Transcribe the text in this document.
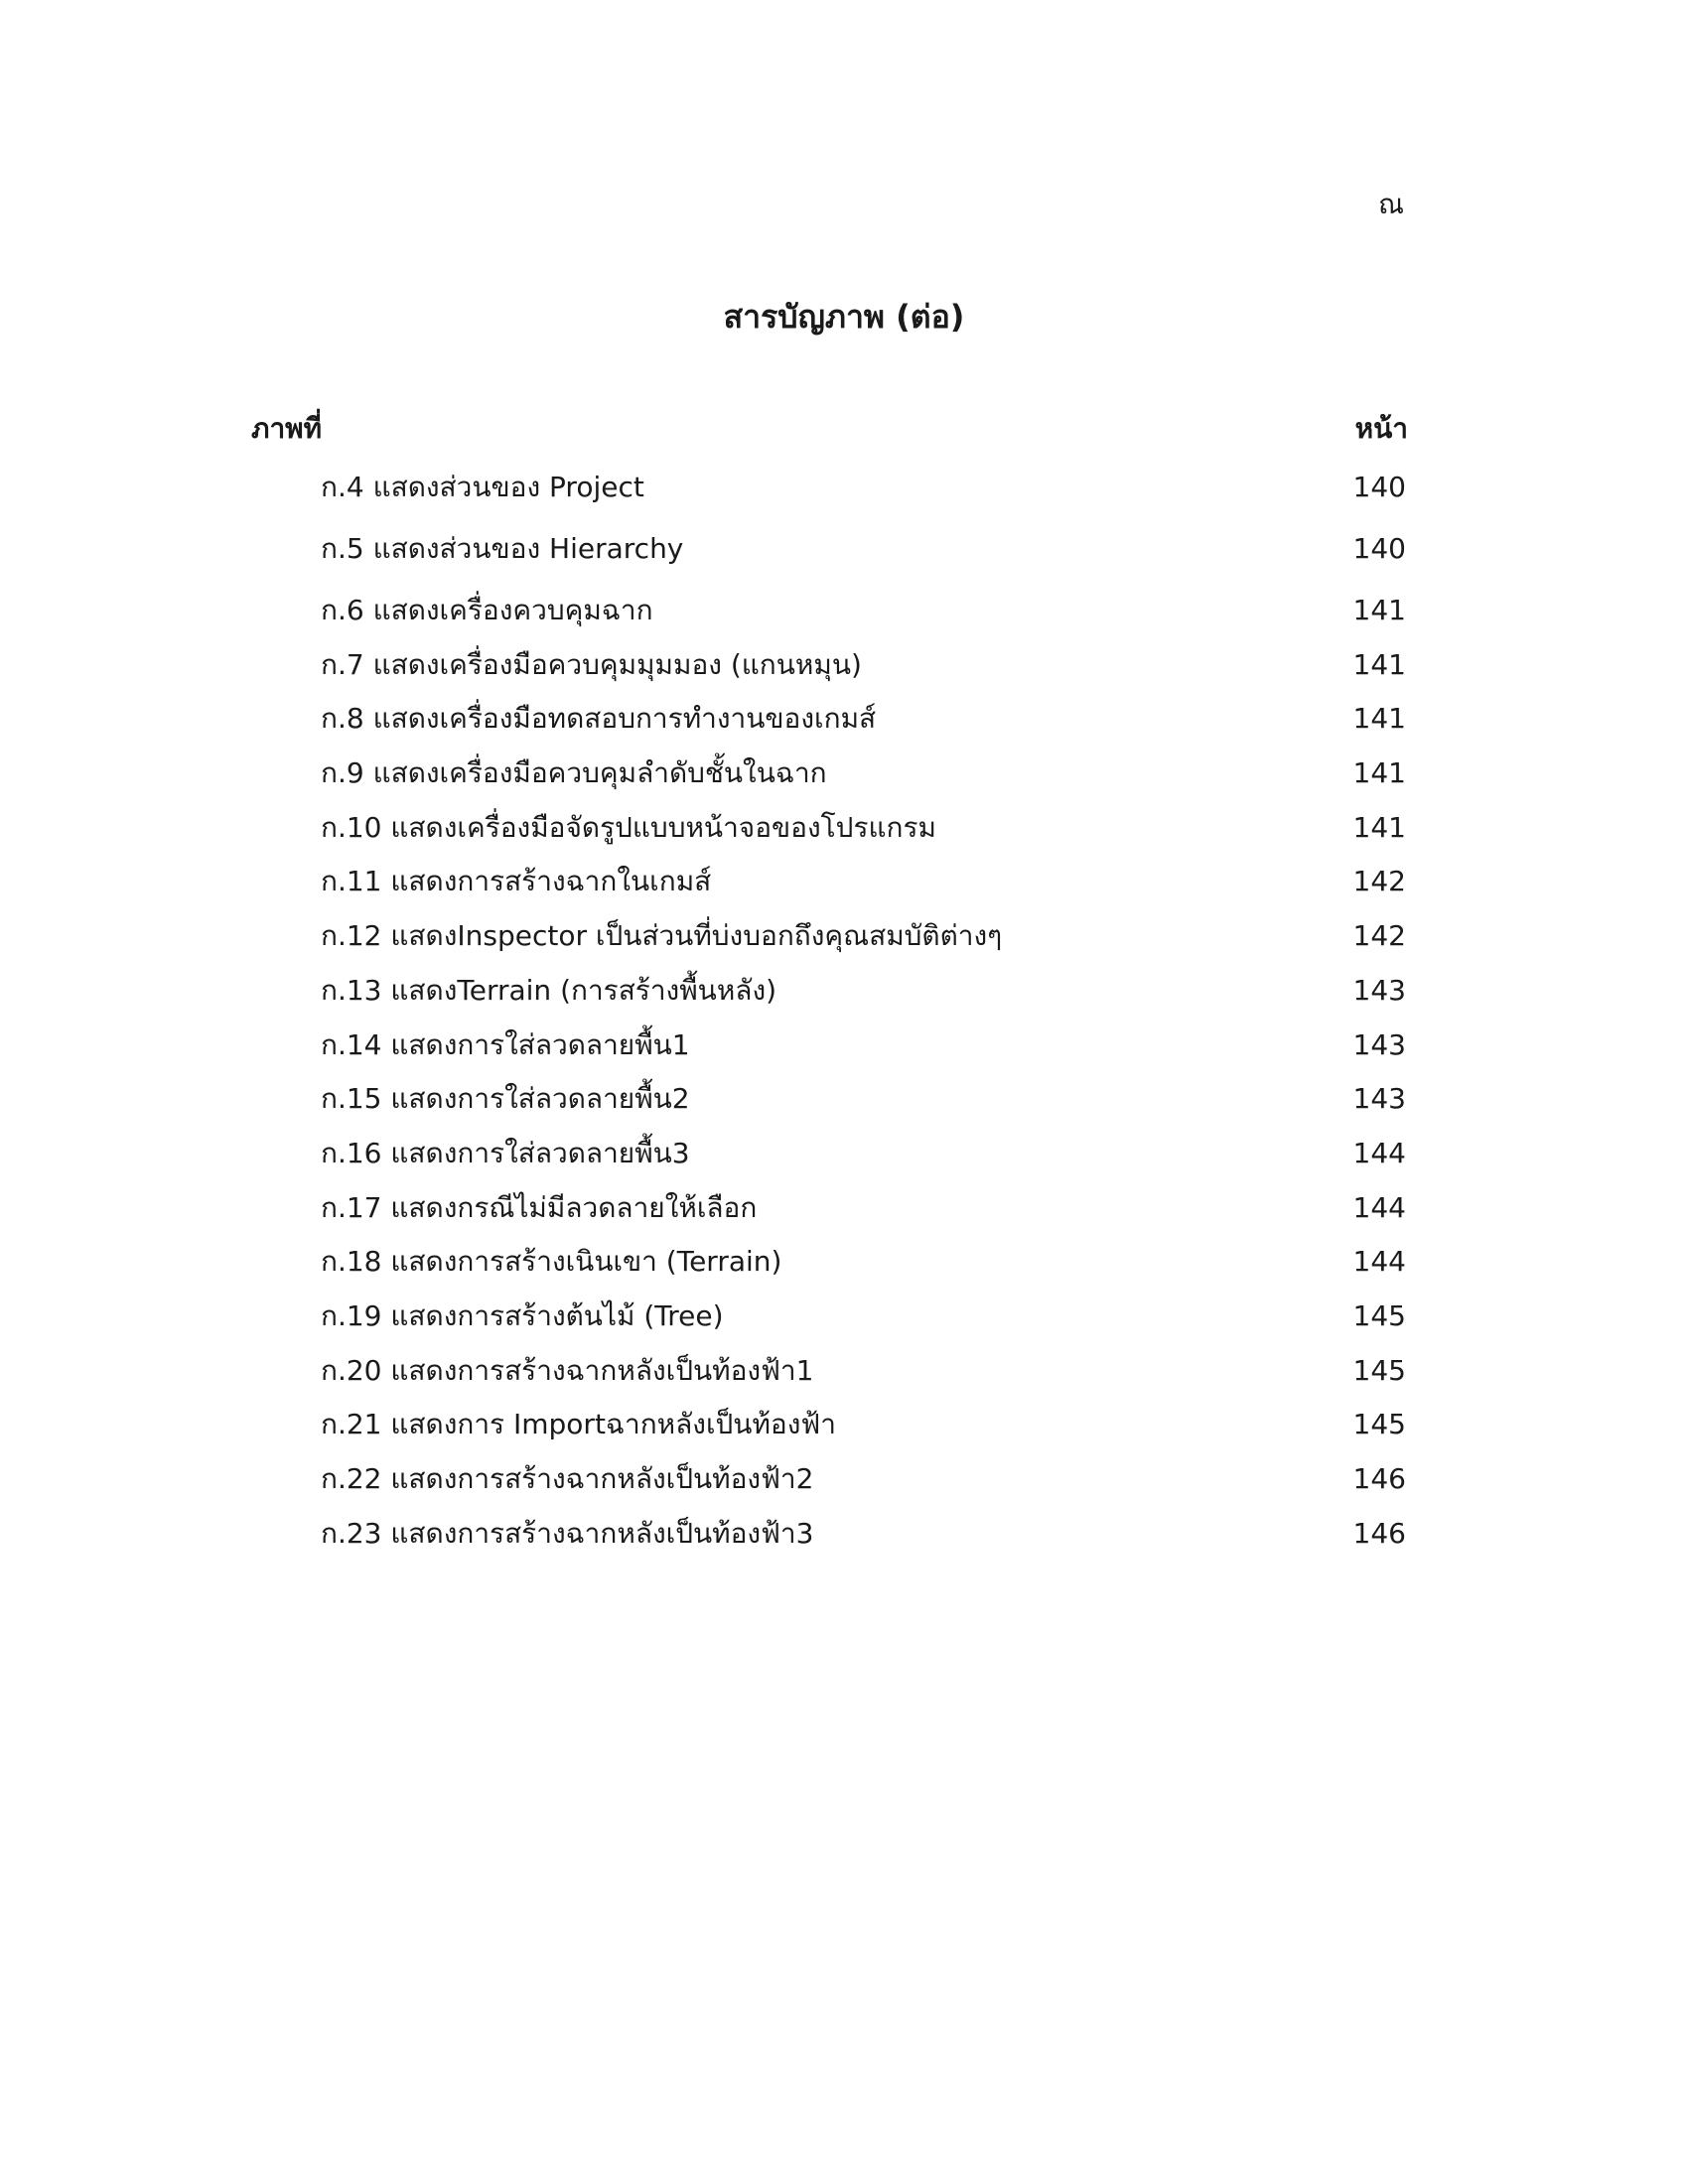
ณ
สารบัญภาพ (ต่อ)
ภาพที่	หน้า
ก.4 แสดงส่วนของ Project	140
ก.5 แสดงส่วนของ Hierarchy	140
ก.6 แสดงเครื่องควบคุมฉาก	141
ก.7 แสดงเครื่องมือควบคุมมุมมอง (แกนหมุน)	141
ก.8 แสดงเครื่องมือทดสอบการทำงานของเกมส์	141
ก.9 แสดงเครื่องมือควบคุมลำดับชั้นในฉาก	141
ก.10 แสดงเครื่องมือจัดรูปแบบหน้าจอของโปรแกรม	141
ก.11 แสดงการสร้างฉากในเกมส์	142
ก.12 แสดงInspector เป็นส่วนที่บ่งบอกถึงคุณสมบัติต่างๆ	142
ก.13 แสดงTerrain (การสร้างพื้นหลัง)	143
ก.14 แสดงการใส่ลวดลายพื้น1	143
ก.15 แสดงการใส่ลวดลายพื้น2	143
ก.16 แสดงการใส่ลวดลายพื้น3	144
ก.17 แสดงกรณีไม่มีลวดลายให้เลือก	144
ก.18 แสดงการสร้างเนินเขา (Terrain)	144
ก.19 แสดงการสร้างต้นไม้ (Tree)	145
ก.20 แสดงการสร้างฉากหลังเป็นท้องฟ้า1	145
ก.21 แสดงการ Importฉากหลังเป็นท้องฟ้า	145
ก.22 แสดงการสร้างฉากหลังเป็นท้องฟ้า2	146
ก.23 แสดงการสร้างฉากหลังเป็นท้องฟ้า3	146
